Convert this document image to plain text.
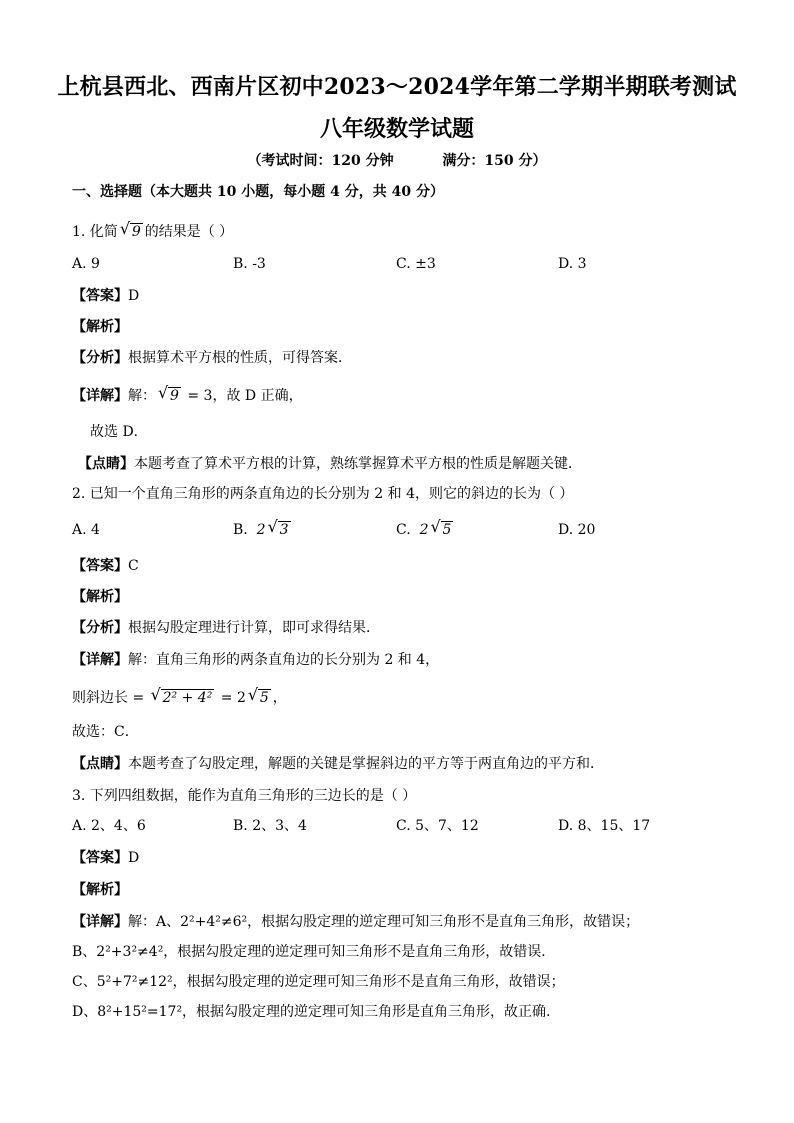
上杭县西北、西南片区初中2023～2024学年第二学期半期联考测试
八年级数学试题
（考试时间：120 分钟          满分：150 分）
一、选择题（本大题共 10 小题，每小题 4 分，共 40 分）
1. 化简 √ 9 的结果是（ ）
A. 9	B. -3	C. ±3	D. 3
【答案】D
【解析】
【分析】根据算术平方根的性质，可得答案．
【详解】解： √ 9 = 3，故 D 正确，
故选 D．
【点睛】本题考查了算术平方根的计算，熟练掌握算术平方根的性质是解题关键．
2. 已知一个直角三角形的两条直角边的长分别为 2 和 4，则它的斜边的长为（ ）
A. 4	B. 2 √ 3	C. 2 √ 5	D. 20
【答案】C
【解析】
【分析】根据勾股定理进行计算，即可求得结果．
【详解】解：直角三角形的两条直角边的长分别为 2 和 4，
则斜边长 = √ 2² + 4² = 2 √ 5 ，
故选：C．
【点睛】本题考查了勾股定理，解题的关键是掌握斜边的平方等于两直角边的平方和．
3. 下列四组数据，能作为直角三角形的三边长的是（ ）
A. 2、4、6	B. 2、3、4	C. 5、7、12	D. 8、15、17
【答案】D
【解析】
【详解】解：A、2²+4²≠6²，根据勾股定理的逆定理可知三角形不是直角三角形，故错误；
B、2²+3²≠4²，根据勾股定理的逆定理可知三角形不是直角三角形，故错误．
C、5²+7²≠12²，根据勾股定理的逆定理可知三角形不是直角三角形，故错误；
D、8²+15²=17²，根据勾股定理的逆定理可知三角形是直角三角形，故正确.
